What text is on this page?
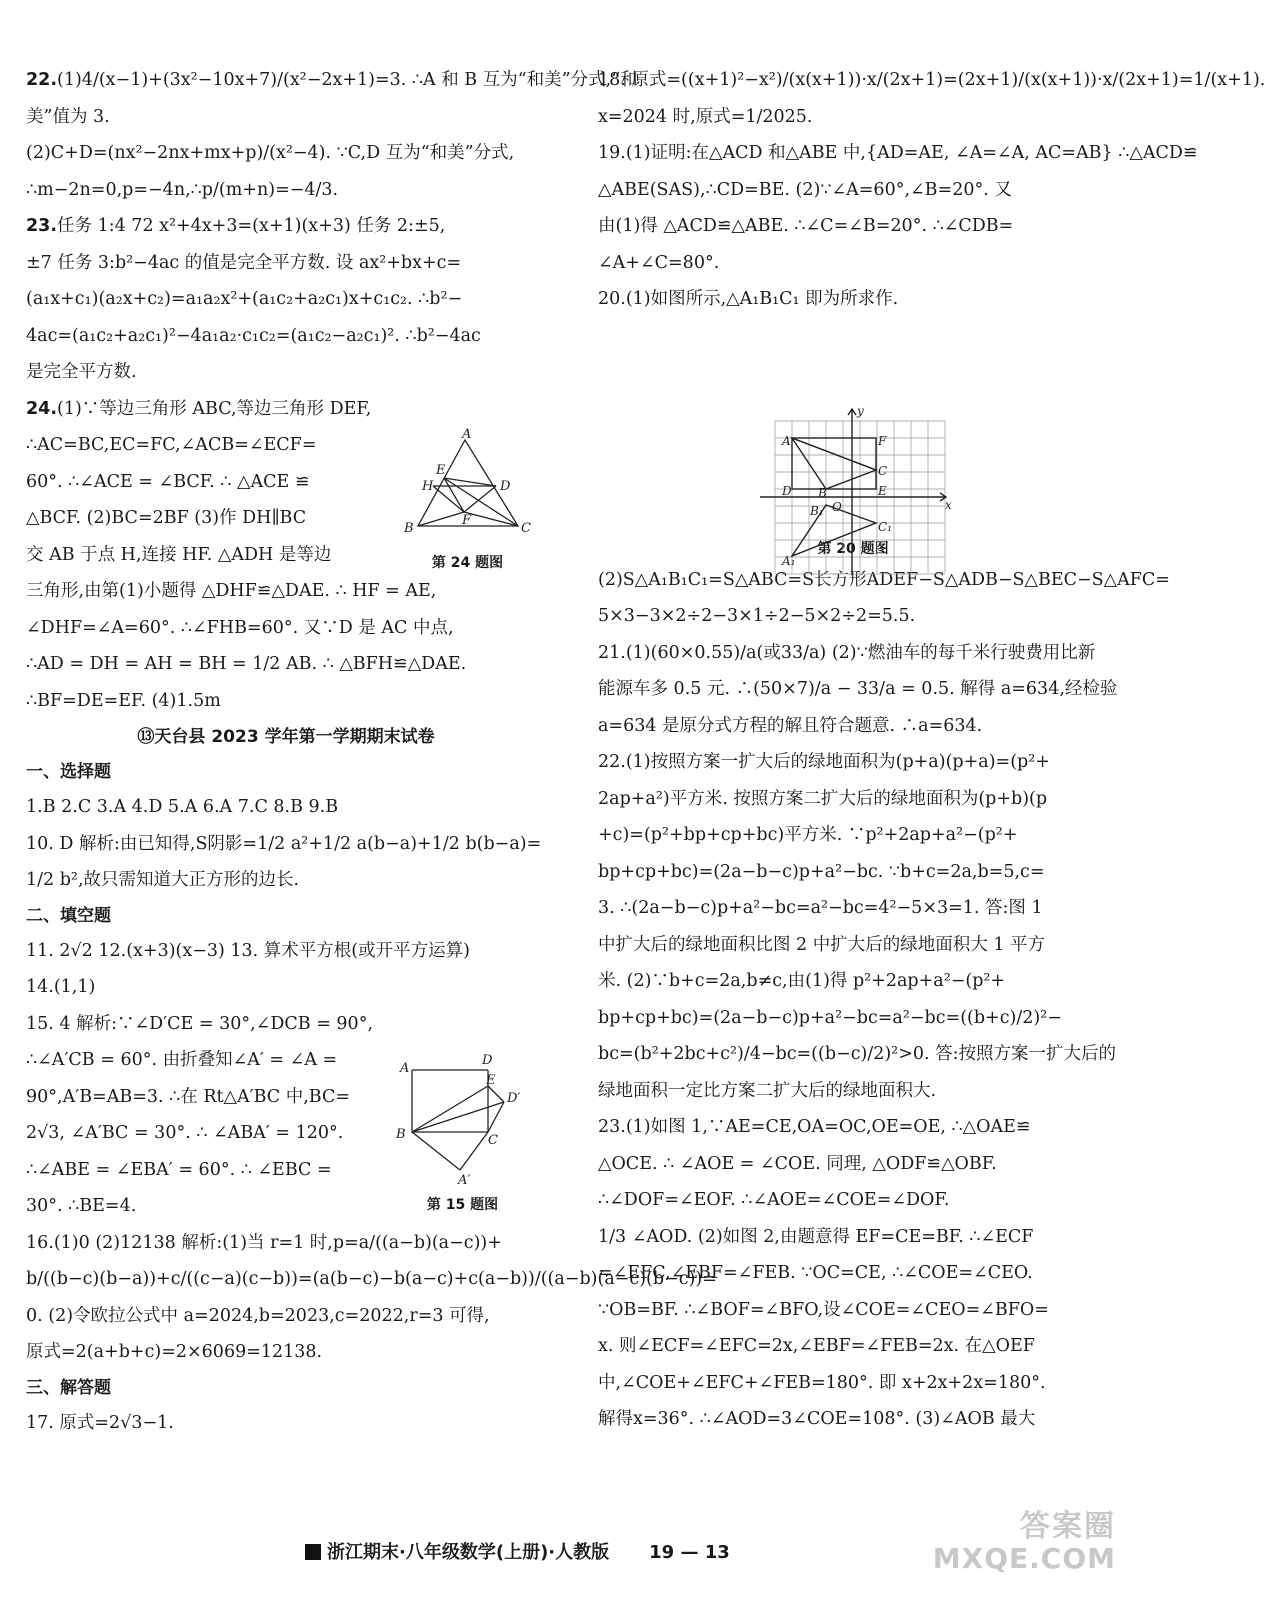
22.(1)4/(x−1)+(3x²−10x+7)/(x²−2x+1)=3. ∴A 和 B 互为“和美”分式,“和
美”值为 3.
(2)C+D=(nx²−2nx+mx+p)/(x²−4). ∵C,D 互为“和美”分式,
∴m−2n=0,p=−4n,∴p/(m+n)=−4/3.
23.任务 1:4 72 x²+4x+3=(x+1)(x+3) 任务 2:±5,
±7 任务 3:b²−4ac 的值是完全平方数. 设 ax²+bx+c=
(a₁x+c₁)(a₂x+c₂)=a₁a₂x²+(a₁c₂+a₂c₁)x+c₁c₂. ∴b²−
4ac=(a₁c₂+a₂c₁)²−4a₁a₂·c₁c₂=(a₁c₂−a₂c₁)². ∴b²−4ac
是完全平方数.
24.(1)∵等边三角形 ABC,等边三角形 DEF,
∴AC=BC,EC=FC,∠ACB=∠ECF=
60°. ∴∠ACE = ∠BCF. ∴ △ACE ≌
△BCF. (2)BC=2BF (3)作 DH∥BC
交 AB 于点 H,连接 HF. △ADH 是等边
三角形,由第(1)小题得 △DHF≌△DAE. ∴ HF = AE,
∠DHF=∠A=60°. ∴∠FHB=60°. 又∵D 是 AC 中点,
∴AD = DH = AH = BH = 1/2 AB. ∴ △BFH≌△DAE.
∴BF=DE=EF. (4)1.5m
⑬天台县 2023 学年第一学期期末试卷
一、选择题
1.B 2.C 3.A 4.D 5.A 6.A 7.C 8.B 9.B
10. D 解析:由已知得,S阴影=1/2 a²+1/2 a(b−a)+1/2 b(b−a)=
1/2 b²,故只需知道大正方形的边长.
二、填空题
11. 2√2 12.(x+3)(x−3) 13. 算术平方根(或开平方运算)
14.(1,1)
15. 4 解析:∵∠D′CE = 30°,∠DCB = 90°,
∴∠A′CB = 60°. 由折叠知∠A′ = ∠A =
90°,A′B=AB=3. ∴在 Rt△A′BC 中,BC=
2√3, ∠A′BC = 30°. ∴ ∠ABA′ = 120°.
∴∠ABE = ∠EBA′ = 60°. ∴ ∠EBC =
30°. ∴BE=4.
16.(1)0 (2)12138 解析:(1)当 r=1 时,p=a/((a−b)(a−c))+
b/((b−c)(b−a))+c/((c−a)(c−b))=(a(b−c)−b(a−c)+c(a−b))/((a−b)(a−c)(b−c))=
0. (2)令欧拉公式中 a=2024,b=2023,c=2022,r=3 可得,
原式=2(a+b+c)=2×6069=12138.
三、解答题
17. 原式=2√3−1.
A
E
H	D
B
F
C
第 24 题图
A
D
E
D′
B	C
A′
第 15 题图
18. 原式=((x+1)²−x²)/(x(x+1))·x/(2x+1)=(2x+1)/(x(x+1))·x/(2x+1)=1/(x+1).
x=2024 时,原式=1/2025.
19.(1)证明:在△ACD 和△ABE 中,{AD=AE, ∠A=∠A, AC=AB} ∴△ACD≌
△ABE(SAS),∴CD=BE. (2)∵∠A=60°,∠B=20°. 又
由(1)得 △ACD≌△ABE. ∴∠C=∠B=20°. ∴∠CDB=
∠A+∠C=80°.
20.(1)如图所示,△A₁B₁C₁ 即为所求作.
第 20 题图
(2)S△A₁B₁C₁=S△ABC=S长方形ADEF−S△ADB−S△BEC−S△AFC=
5×3−3×2÷2−3×1÷2−5×2÷2=5.5.
21.(1)(60×0.55)/a(或33/a) (2)∵燃油车的每千米行驶费用比新
能源车多 0.5 元. ∴(50×7)/a − 33/a = 0.5. 解得 a=634,经检验
a=634 是原分式方程的解且符合题意. ∴a=634.
22.(1)按照方案一扩大后的绿地面积为(p+a)(p+a)=(p²+
2ap+a²)平方米. 按照方案二扩大后的绿地面积为(p+b)(p
+c)=(p²+bp+cp+bc)平方米. ∵p²+2ap+a²−(p²+
bp+cp+bc)=(2a−b−c)p+a²−bc. ∵b+c=2a,b=5,c=
3. ∴(2a−b−c)p+a²−bc=a²−bc=4²−5×3=1. 答:图 1
中扩大后的绿地面积比图 2 中扩大后的绿地面积大 1 平方
米. (2)∵b+c=2a,b≠c,由(1)得 p²+2ap+a²−(p²+
bp+cp+bc)=(2a−b−c)p+a²−bc=a²−bc=((b+c)/2)²−
bc=(b²+2bc+c²)/4−bc=((b−c)/2)²>0. 答:按照方案一扩大后的
绿地面积一定比方案二扩大后的绿地面积大.
23.(1)如图 1,∵AE=CE,OA=OC,OE=OE, ∴△OAE≌
△OCE. ∴ ∠AOE = ∠COE. 同理, △ODF≌△OBF.
∴∠DOF=∠EOF. ∴∠AOE=∠COE=∠DOF.
1/3 ∠AOD. (2)如图 2,由题意得 EF=CE=BF. ∴∠ECF
=∠EFC,∠EBF=∠FEB. ∵OC=CE, ∴∠COE=∠CEO.
∵OB=BF. ∴∠BOF=∠BFO,设∠COE=∠CEO=∠BFO=
x. 则∠ECF=∠EFC=2x,∠EBF=∠FEB=2x. 在△OEF
中,∠COE+∠EFC+∠FEB=180°. 即 x+2x+2x=180°.
解得x=36°. ∴∠AOD=3∠COE=108°. (3)∠AOB 最大
y
x
A	F
C
D B	E
O
B₁
C₁
A₁
浙江期末·八年级数学(上册)·人教版 19 — 13
答案圈
MXQE.COM
